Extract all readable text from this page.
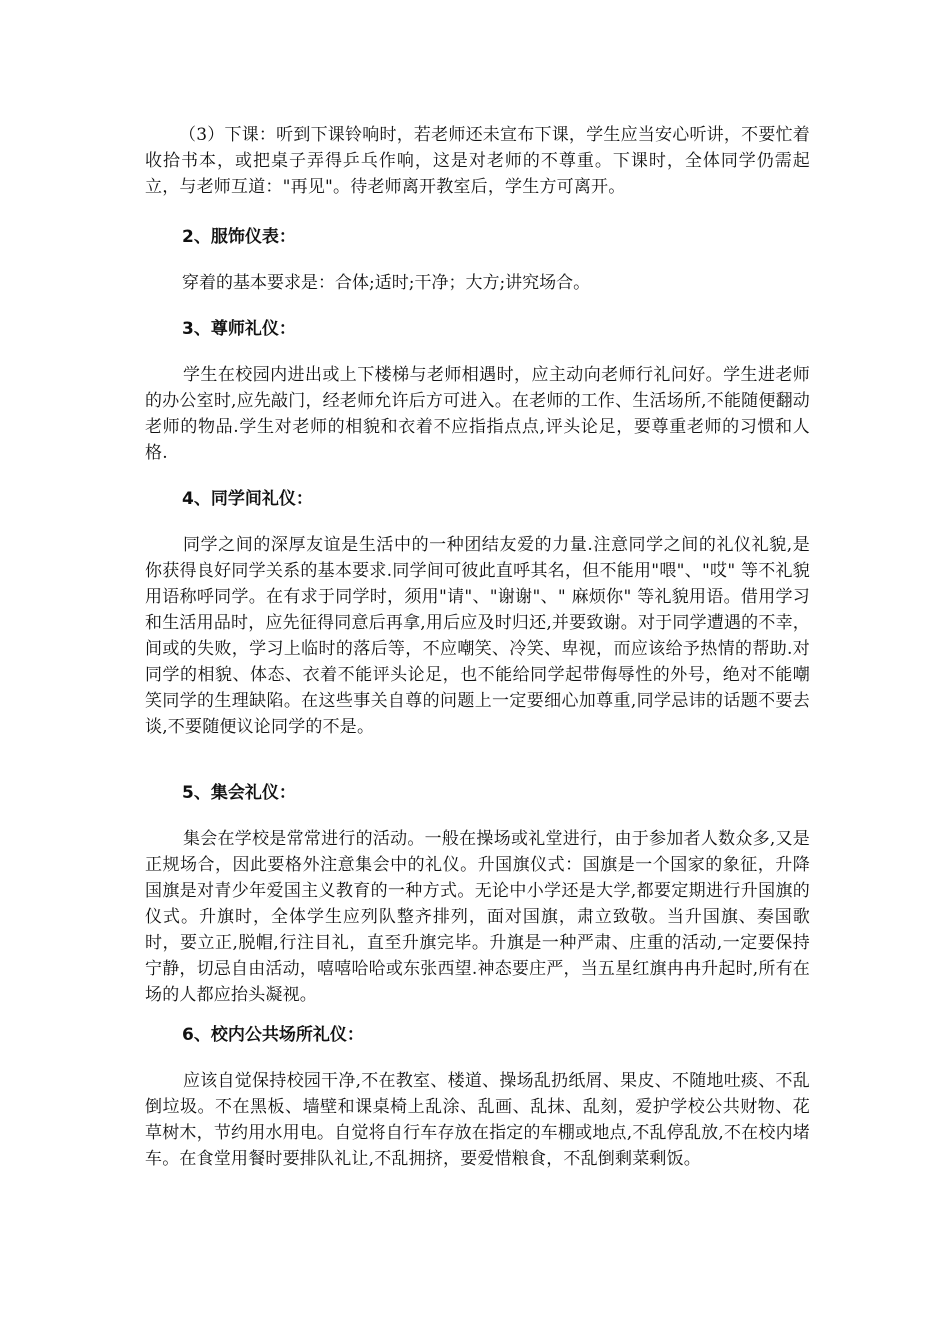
（3）下课：听到下课铃响时，若老师还未宣布下课，学生应当安心听讲，不要忙着收拾书本，或把桌子弄得乒乓作响，这是对老师的不尊重。下课时，全体同学仍需起立，与老师互道："再见"。待老师离开教室后，学生方可离开。

2、服饰仪表：

穿着的基本要求是：合体;适时;干净；大方;讲究场合。

3、尊师礼仪：

学生在校园内进出或上下楼梯与老师相遇时，应主动向老师行礼问好。学生进老师的办公室时,应先敲门，经老师允许后方可进入。在老师的工作、生活场所,不能随便翻动老师的物品.学生对老师的相貌和衣着不应指指点点,评头论足，要尊重老师的习惯和人格.

4、同学间礼仪：

同学之间的深厚友谊是生活中的一种团结友爱的力量.注意同学之间的礼仪礼貌,是你获得良好同学关系的基本要求.同学间可彼此直呼其名，但不能用"喂"、"哎" 等不礼貌用语称呼同学。在有求于同学时，须用"请"、"谢谢"、" 麻烦你" 等礼貌用语。借用学习和生活用品时，应先征得同意后再拿,用后应及时归还,并要致谢。对于同学遭遇的不幸，间或的失败，学习上临时的落后等，不应嘲笑、冷笑、卑视，而应该给予热情的帮助.对同学的相貌、体态、衣着不能评头论足，也不能给同学起带侮辱性的外号，绝对不能嘲笑同学的生理缺陷。在这些事关自尊的问题上一定要细心加尊重,同学忌讳的话题不要去谈,不要随便议论同学的不是。

5、集会礼仪：

集会在学校是常常进行的活动。一般在操场或礼堂进行，由于参加者人数众多,又是正规场合，因此要格外注意集会中的礼仪。升国旗仪式：国旗是一个国家的象征，升降国旗是对青少年爱国主义教育的一种方式。无论中小学还是大学,都要定期进行升国旗的仪式。升旗时，全体学生应列队整齐排列，面对国旗，肃立致敬。当升国旗、奏国歌时，要立正,脱帽,行注目礼，直至升旗完毕。升旗是一种严肃、庄重的活动,一定要保持宁静，切忌自由活动，嘻嘻哈哈或东张西望.神态要庄严，当五星红旗冉冉升起时,所有在场的人都应抬头凝视。

6、校内公共场所礼仪：

应该自觉保持校园干净,不在教室、楼道、操场乱扔纸屑、果皮、不随地吐痰、不乱倒垃圾。不在黑板、墙壁和课桌椅上乱涂、乱画、乱抹、乱刻，爱护学校公共财物、花草树木，节约用水用电。自觉将自行车存放在指定的车棚或地点,不乱停乱放,不在校内堵车。在食堂用餐时要排队礼让,不乱拥挤，要爱惜粮食，不乱倒剩菜剩饭。
